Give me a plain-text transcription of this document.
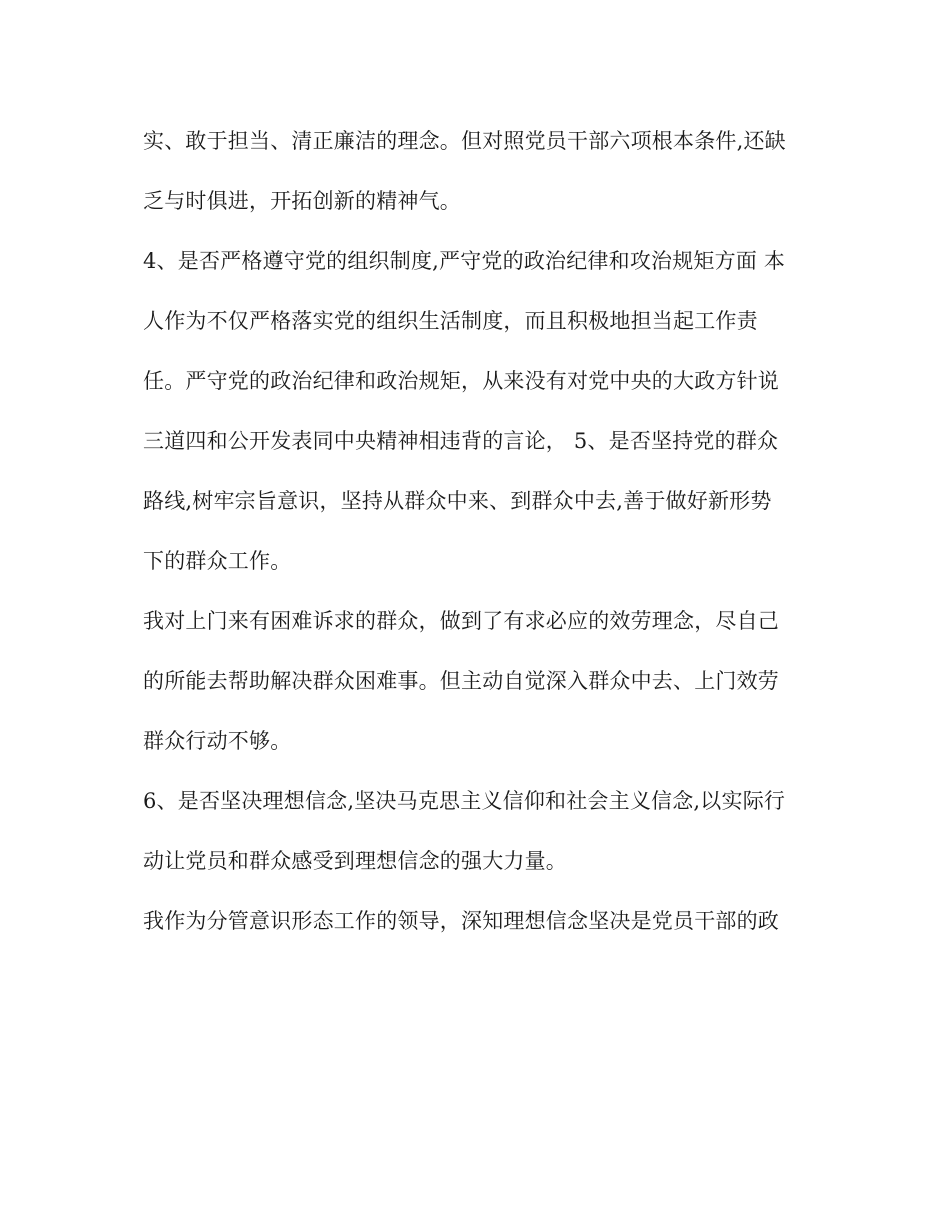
实、敢于担当、清正廉洁的理念。但对照党员干部六项根本条件,还缺
乏与时俱进，开拓创新的精神气。
4、是否严格遵守党的组织制度,严守党的政治纪律和攻治规矩方面 本
人作为不仅严格落实党的组织生活制度，而且积极地担当起工作责
任。严守党的政治纪律和政治规矩，从来没有对党中央的大政方针说
三道四和公开发表同中央精神相违背的言论， 5、是否坚持党的群众
路线,树牢宗旨意识，坚持从群众中来、到群众中去,善于做好新形势
下的群众工作。
我对上门来有困难诉求的群众，做到了有求必应的效劳理念，尽自己
的所能去帮助解决群众困难事。但主动自觉深入群众中去、上门效劳
群众行动不够。
6、是否坚决理想信念,坚决马克思主义信仰和社会主义信念,以实际行
动让党员和群众感受到理想信念的强大力量。
我作为分管意识形态工作的领导，深知理想信念坚决是党员干部的政
